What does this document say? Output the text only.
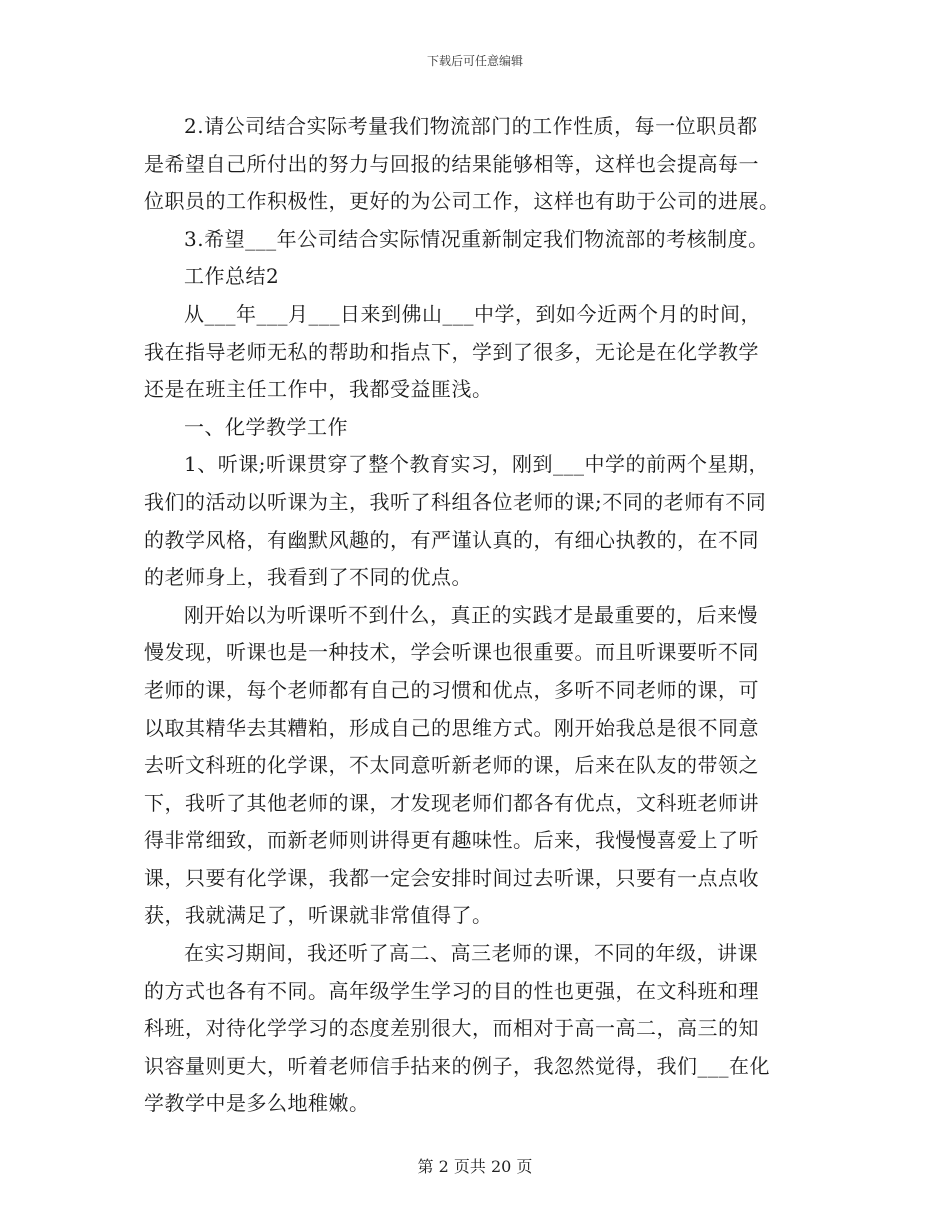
下载后可任意编辑

2.请公司结合实际考量我们物流部门的工作性质，每一位职员都
是希望自己所付出的努力与回报的结果能够相等，这样也会提高每一
位职员的工作积极性，更好的为公司工作，这样也有助于公司的进展。

3.希望___年公司结合实际情况重新制定我们物流部的考核制度。

工作总结2

从___年___月___日来到佛山___中学，到如今近两个月的时间，
我在指导老师无私的帮助和指点下，学到了很多，无论是在化学教学
还是在班主任工作中，我都受益匪浅。

一、化学教学工作

1、听课;听课贯穿了整个教育实习，刚到___中学的前两个星期，
我们的活动以听课为主，我听了科组各位老师的课;不同的老师有不同
的教学风格，有幽默风趣的，有严谨认真的，有细心执教的，在不同
的老师身上，我看到了不同的优点。

刚开始以为听课听不到什么，真正的实践才是最重要的，后来慢
慢发现，听课也是一种技术，学会听课也很重要。而且听课要听不同
老师的课，每个老师都有自己的习惯和优点，多听不同老师的课，可
以取其精华去其糟粕，形成自己的思维方式。刚开始我总是很不同意
去听文科班的化学课，不太同意听新老师的课，后来在队友的带领之
下，我听了其他老师的课，才发现老师们都各有优点，文科班老师讲
得非常细致，而新老师则讲得更有趣味性。后来，我慢慢喜爱上了听
课，只要有化学课，我都一定会安排时间过去听课，只要有一点点收
获，我就满足了，听课就非常值得了。

在实习期间，我还听了高二、高三老师的课，不同的年级，讲课
的方式也各有不同。高年级学生学习的目的性也更强，在文科班和理
科班，对待化学学习的态度差别很大，而相对于高一高二，高三的知
识容量则更大，听着老师信手拈来的例子，我忽然觉得，我们___在化
学教学中是多么地稚嫩。

第 2 页共 20 页
